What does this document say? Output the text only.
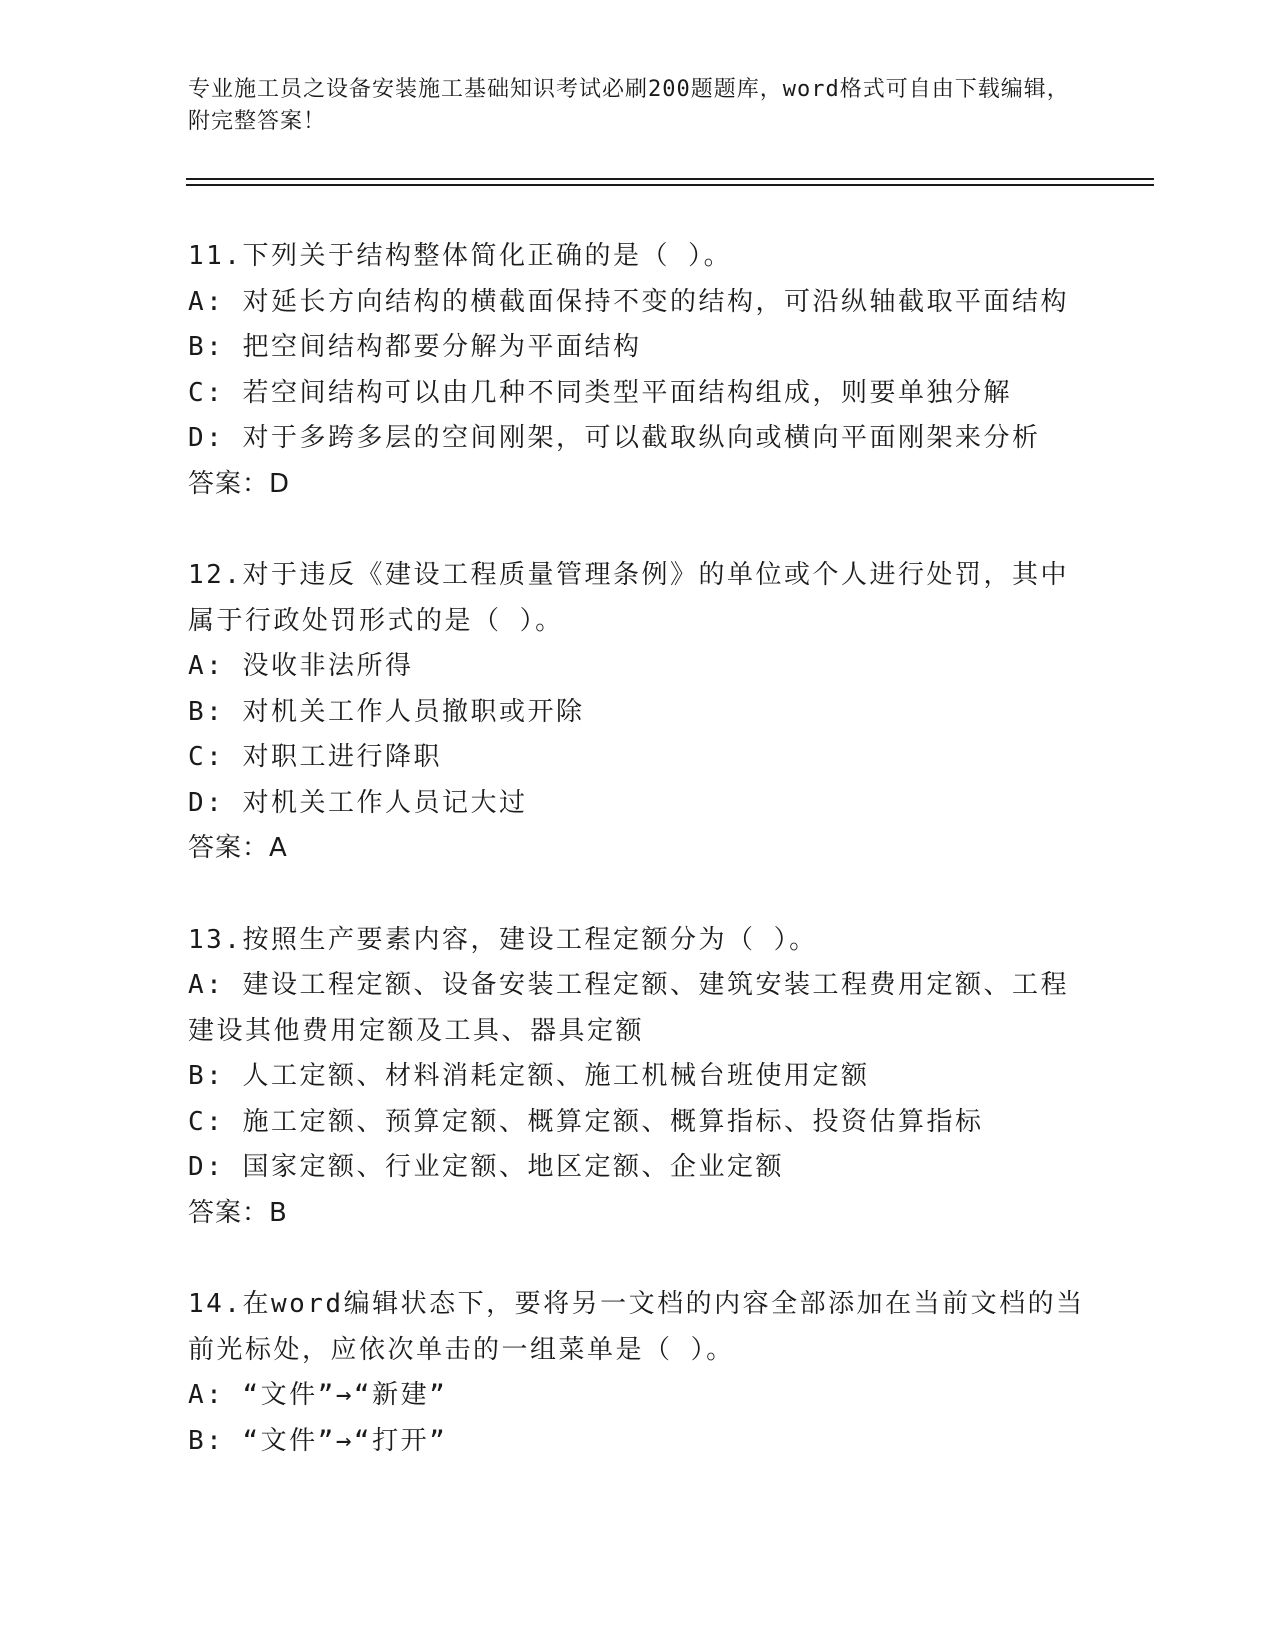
专业施工员之设备安装施工基础知识考试必刷200题题库，word格式可自由下载编辑，附完整答案！
11.下列关于结构整体简化正确的是（ ）。
A: 对延长方向结构的横截面保持不变的结构，可沿纵轴截取平面结构
B: 把空间结构都要分解为平面结构
C: 若空间结构可以由几种不同类型平面结构组成，则要单独分解
D: 对于多跨多层的空间刚架，可以截取纵向或横向平面刚架来分析
答案：D
12.对于违反《建设工程质量管理条例》的单位或个人进行处罚，其中属于行政处罚形式的是（ ）。
A: 没收非法所得
B: 对机关工作人员撤职或开除
C: 对职工进行降职
D: 对机关工作人员记大过
答案：A
13.按照生产要素内容，建设工程定额分为（ ）。
A: 建设工程定额、设备安装工程定额、建筑安装工程费用定额、工程建设其他费用定额及工具、器具定额
B: 人工定额、材料消耗定额、施工机械台班使用定额
C: 施工定额、预算定额、概算定额、概算指标、投资估算指标
D: 国家定额、行业定额、地区定额、企业定额
答案：B
14.在word编辑状态下，要将另一文档的内容全部添加在当前文档的当前光标处，应依次单击的一组菜单是（ ）。
A: “文件”→“新建”
B: “文件”→“打开”
